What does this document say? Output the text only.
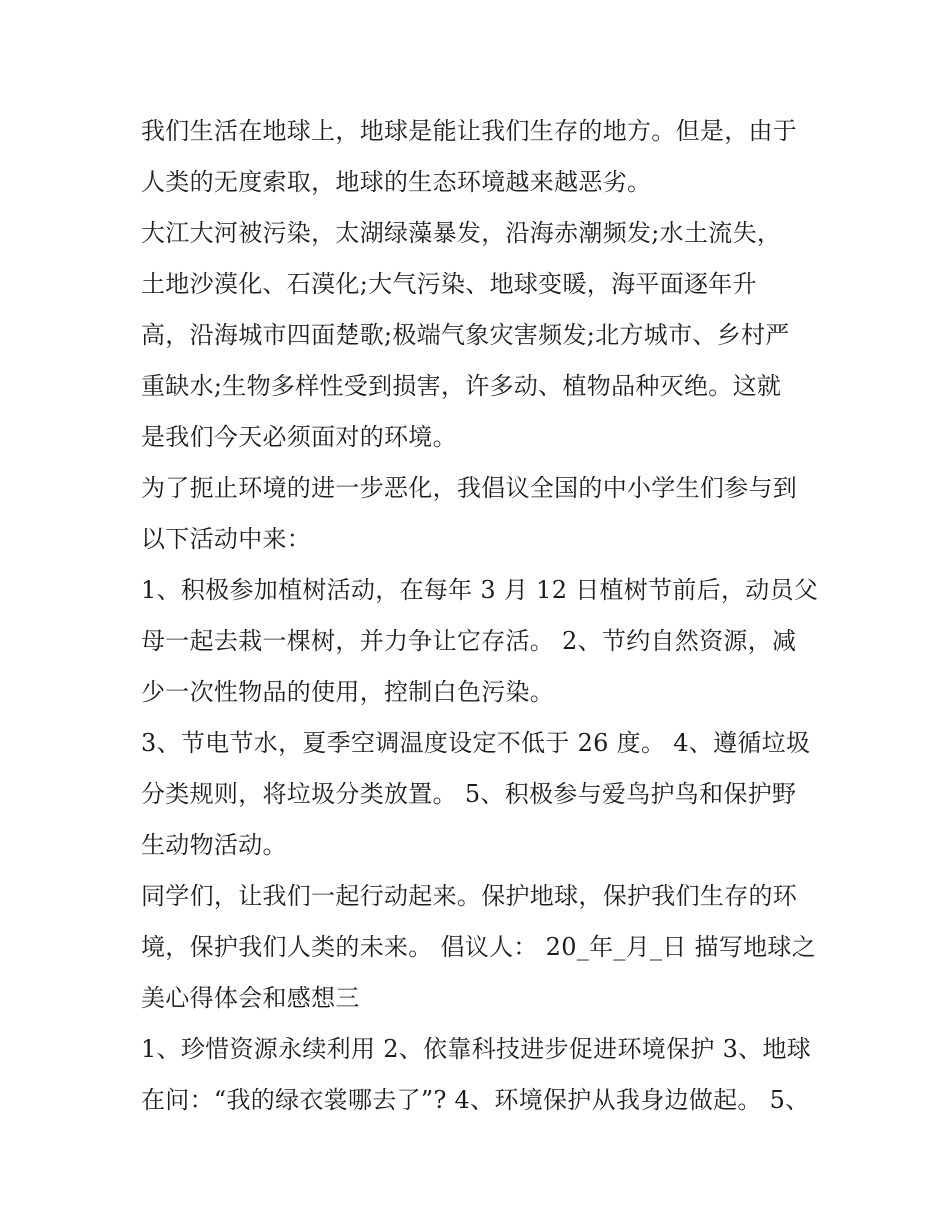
我们生活在地球上，地球是能让我们生存的地方。但是，由于
人类的无度索取，地球的生态环境越来越恶劣。
大江大河被污染，太湖绿藻暴发，沿海赤潮频发;水土流失，
土地沙漠化、石漠化;大气污染、地球变暖，海平面逐年升
高，沿海城市四面楚歌;极端气象灾害频发;北方城市、乡村严
重缺水;生物多样性受到损害，许多动、植物品种灭绝。这就
是我们今天必须面对的环境。
为了扼止环境的进一步恶化，我倡议全国的中小学生们参与到
以下活动中来：
1、积极参加植树活动，在每年 3 月 12 日植树节前后，动员父
母一起去栽一棵树，并力争让它存活。 2、节约自然资源，减
少一次性物品的使用，控制白色污染。
3、节电节水，夏季空调温度设定不低于 26 度。 4、遵循垃圾
分类规则，将垃圾分类放置。 5、积极参与爱鸟护鸟和保护野
生动物活动。
同学们，让我们一起行动起来。保护地球，保护我们生存的环
境，保护我们人类的未来。 倡议人： 20_年_月_日 描写地球之
美心得体会和感想三
1、珍惜资源永续利用 2、依靠科技进步促进环境保护 3、地球
在问：“我的绿衣裳哪去了”? 4、环境保护从我身边做起。 5、
